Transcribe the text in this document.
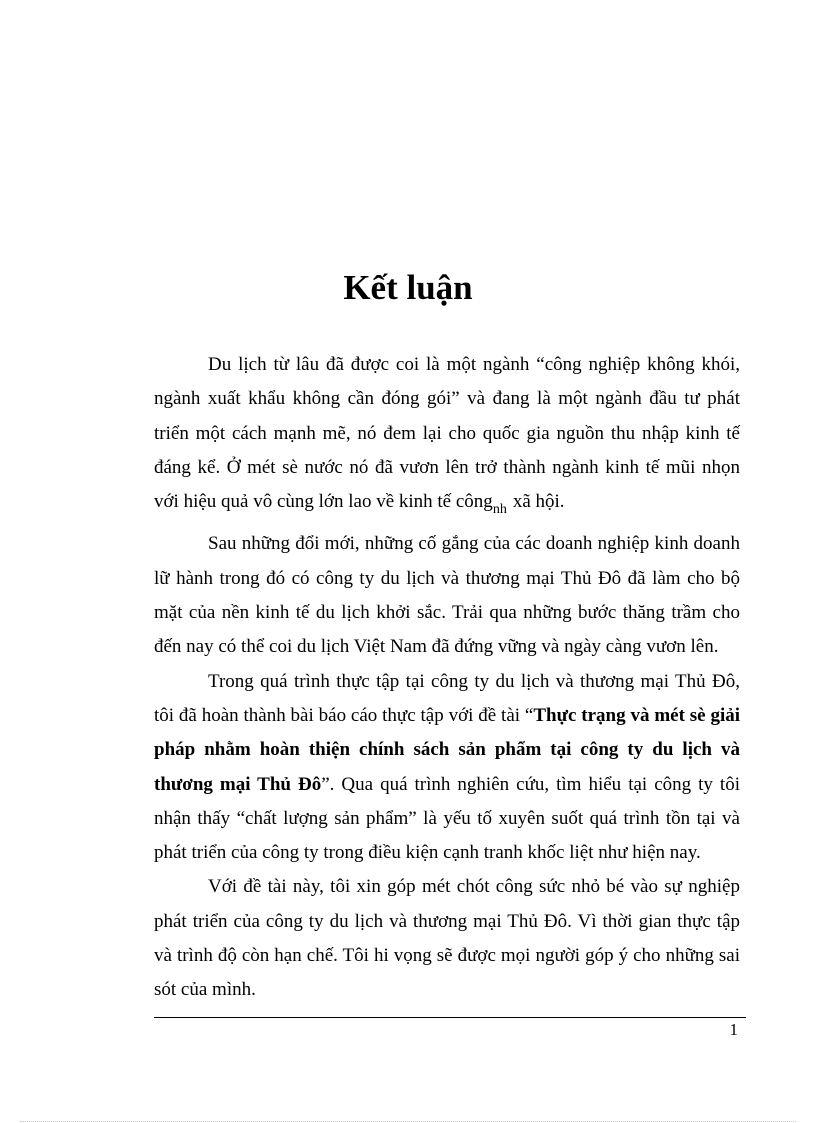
Kết luận

Du lịch từ lâu đã được coi là một ngành “công nghiệp không khói, ngành xuất khẩu không cần đóng gói” và đang là một ngành đầu tư phát triển một cách mạnh mẽ, nó đem lại cho quốc gia nguồn thu nhập kinh tế đáng kể. Ở mét sè nước nó đã vươn lên trở thành ngành kinh tế mũi nhọn với hiệu quả vô cùng lớn lao về kinh tế công$_{nh}$ xã hội.

Sau những đổi mới, những cố gắng của các doanh nghiệp kinh doanh lữ hành trong đó có công ty du lịch và thương mại Thủ Đô đã làm cho bộ mặt của nền kinh tế du lịch khởi sắc. Trải qua những bước thăng trầm cho đến nay có thể coi du lịch Việt Nam đã đứng vững và ngày càng vươn lên.

Trong quá trình thực tập tại công ty du lịch và thương mại Thủ Đô, tôi đã hoàn thành bài báo cáo thực tập với đề tài “Thực trạng và mét sè giải pháp nhằm hoàn thiện chính sách sản phẩm tại công ty du lịch và thương mại Thủ Đô”. Qua quá trình nghiên cứu, tìm hiểu tại công ty tôi nhận thấy “chất lượng sản phẩm” là yếu tố xuyên suốt quá trình tồn tại và phát triển của công ty trong điều kiện cạnh tranh khốc liệt như hiện nay.

Với đề tài này, tôi xin góp mét chót công sức nhỏ bé vào sự nghiệp phát triển của công ty du lịch và thương mại Thủ Đô. Vì thời gian thực tập và trình độ còn hạn chế. Tôi hi vọng sẽ được mọi người góp ý cho những sai sót của mình.

1
